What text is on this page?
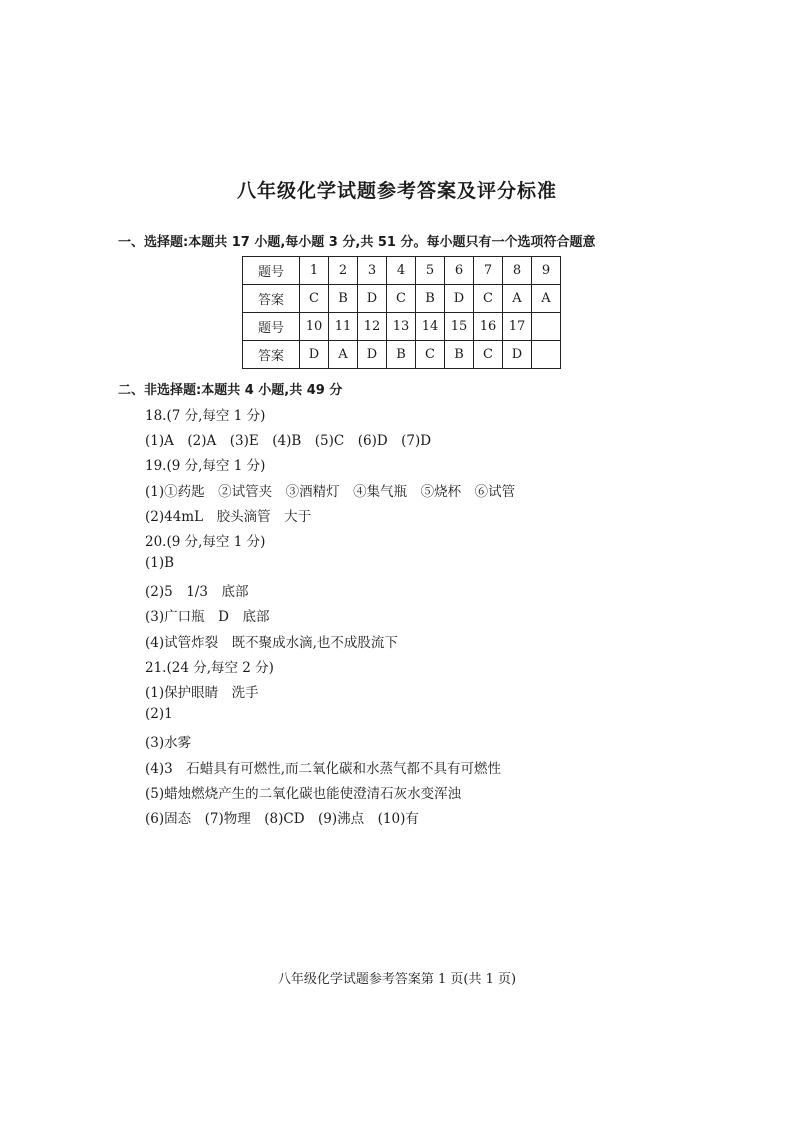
八年级化学试题参考答案及评分标准
一、选择题:本题共 17 小题,每小题 3 分,共 51 分。每小题只有一个选项符合题意
题号	1	2	3	4	5	6	7	8	9
答案	C	B	D	C	B	D	C	A	A
题号	10	11	12	13	14	15	16	17	
答案	D	A	D	B	C	B	C	D	
二、非选择题:本题共 4 小题,共 49 分
18.(7 分,每空 1 分)
(1)A　(2)A　(3)E　(4)B　(5)C　(6)D　(7)D
19.(9 分,每空 1 分)
(1)①药匙　②试管夹　③酒精灯　④集气瓶　⑤烧杯　⑥试管
(2)44mL　胶头滴管　大于
20.(9 分,每空 1 分)
(1)B
(2)5　1/3　底部
(3)广口瓶　D　底部
(4)试管炸裂　既不聚成水滴,也不成股流下
21.(24 分,每空 2 分)
(1)保护眼睛　洗手
(2)1
(3)水雾
(4)3　石蜡具有可燃性,而二氧化碳和水蒸气都不具有可燃性
(5)蜡烛燃烧产生的二氧化碳也能使澄清石灰水变浑浊
(6)固态　(7)物理　(8)CD　(9)沸点　(10)有
八年级化学试题参考答案第 1 页(共 1 页)
